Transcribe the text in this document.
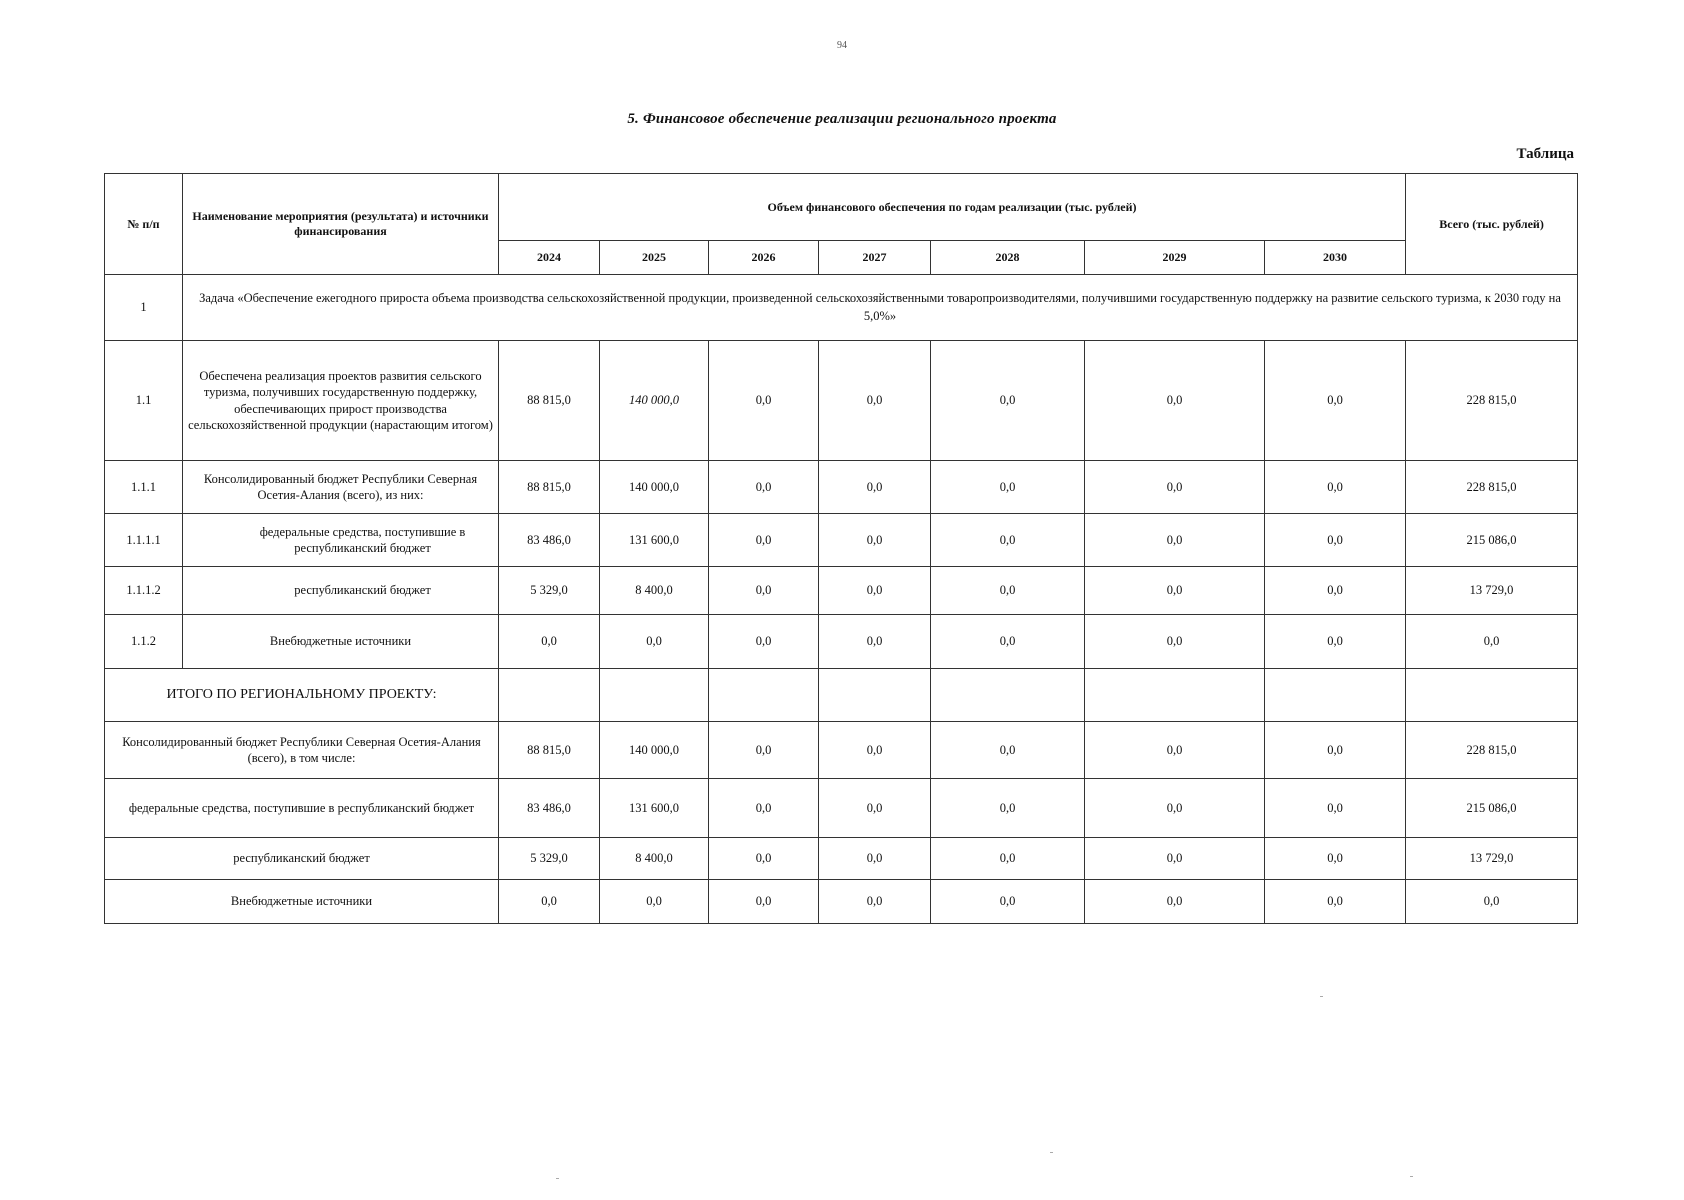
94
5. Финансовое обеспечение реализации регионального проекта
Таблица
№ п/п	Наименование мероприятия (результата) и источники финансирования	Объем финансового обеспечения по годам реализации (тыс. рублей)							Всего (тыс. рублей)
		2024	2025	2026	2027	2028	2029	2030	
1	Задача «Обеспечение ежегодного прироста объема производства сельскохозяйственной продукции, произведенной сельскохозяйственными товаропроизводителями, получившими государственную поддержку на развитие сельского туризма, к 2030 году на 5,0%»								
1.1	Обеспечена реализация проектов развития сельского туризма, получивших государственную поддержку, обеспечивающих прирост производства сельскохозяйственной продукции (нарастающим итогом)	88 815,0	140 000,0	0,0	0,0	0,0	0,0	0,0	228 815,0
1.1.1	Консолидированный бюджет Республики Северная Осетия-Алания (всего), из них:	88 815,0	140 000,0	0,0	0,0	0,0	0,0	0,0	228 815,0
1.1.1.1	федеральные средства, поступившие в республиканский бюджет	83 486,0	131 600,0	0,0	0,0	0,0	0,0	0,0	215 086,0
1.1.1.2	республиканский бюджет	5 329,0	8 400,0	0,0	0,0	0,0	0,0	0,0	13 729,0
1.1.2	Внебюджетные источники	0,0	0,0	0,0	0,0	0,0	0,0	0,0	0,0
ИТОГО ПО РЕГИОНАЛЬНОМУ ПРОЕКТУ:									
Консолидированный бюджет Республики Северная Осетия-Алания (всего), в том числе:		88 815,0	140 000,0	0,0	0,0	0,0	0,0	0,0	228 815,0
федеральные средства, поступившие в республиканский бюджет		83 486,0	131 600,0	0,0	0,0	0,0	0,0	0,0	215 086,0
республиканский бюджет		5 329,0	8 400,0	0,0	0,0	0,0	0,0	0,0	13 729,0
Внебюджетные источники		0,0	0,0	0,0	0,0	0,0	0,0	0,0	0,0
